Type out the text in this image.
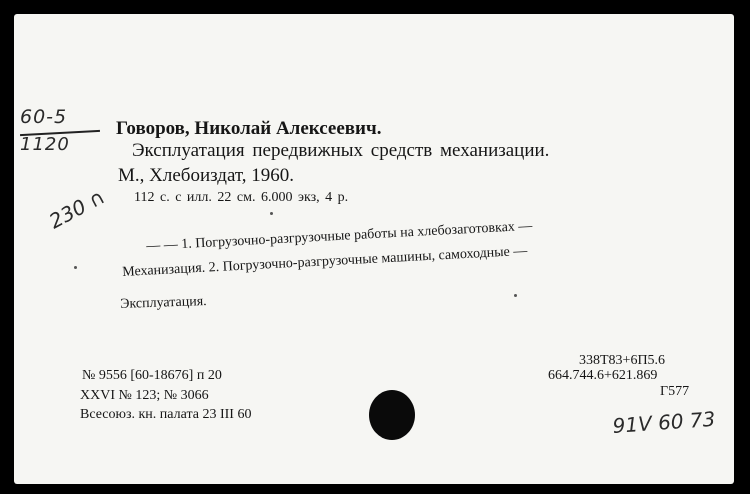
60-5
1120
Говоров, Николай Алексеевич.
Эксплуатация передвижных средств механизации.
М., Хлебоиздат, 1960.
112 с. с илл. 22 см. 6.000 экз, 4 р.
230 ∩
— — 1. Погрузочно-разгрузочные работы на хлебозаготовках —
Механизация. 2. Погрузочно-разгрузочные машины, самоходные —
Эксплуатация.
338Т83+6П5.6
664.744.6+621.869
Г577
№ 9556 [60-18676] п 20
XXVI № 123; № 3066
Всесоюз. кн. палата 23 III 60	91V 60 73
